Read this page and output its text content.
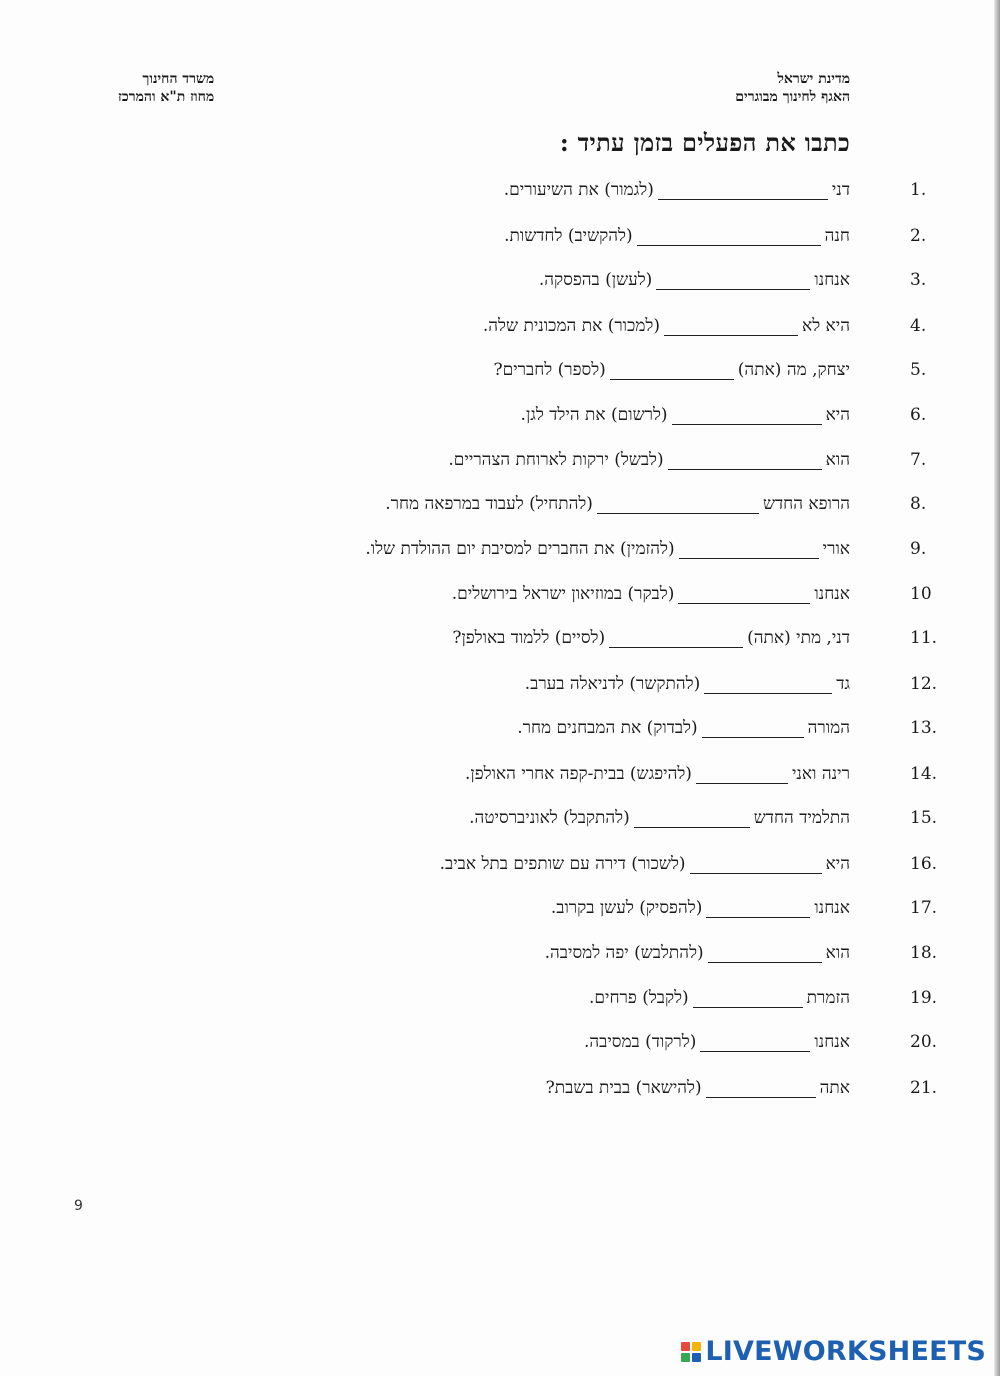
מדינת ישראל
האגף לחינוך מבוגרים
משרד החינוך
מחוז ת"א והמרכז
כתבו את הפעלים בזמן עתיד :
1.
דני
(לגמור) את השיעורים.
2.
חנה
(להקשיב) לחדשות.
3.
אנחנו
(לעשן) בהפסקה.
4.
היא לא
(למכור) את המכונית שלה.
5.
יצחק, מה (אתה)
(לספר) לחברים?
6.
היא
(לרשום) את הילד לגן.
7.
הוא
(לבשל) ירקות לארוחת הצהריים.
8.
הרופא החדש
(להתחיל) לעבוד במרפאה מחר.
9.
אורי
(להזמין) את החברים למסיבת יום ההולדת שלו.
10
אנחנו
(לבקר) במוזיאון ישראל בירושלים.
11.
דני, מתי (אתה)
(לסיים) ללמוד באולפן?
12.
גד
(להתקשר) לדניאלה בערב.
13.
המורה
(לבדוק) את המבחנים מחר.
14.
רינה ואני
(להיפגש) בבית-קפה אחרי האולפן.
15.
התלמיד החדש
(להתקבל) לאוניברסיטה.
16.
היא
(לשכור) דירה עם שותפים בתל אביב.
17.
אנחנו
(להפסיק) לעשן בקרוב.
18.
הוא
(להתלבש) יפה למסיבה.
19.
הזמרת
(לקבל) פרחים.
20.
אנחנו
(לרקוד) במסיבה.
21.
אתה
(להישאר) בבית בשבת?
9
LIVEWORKSHEETS
